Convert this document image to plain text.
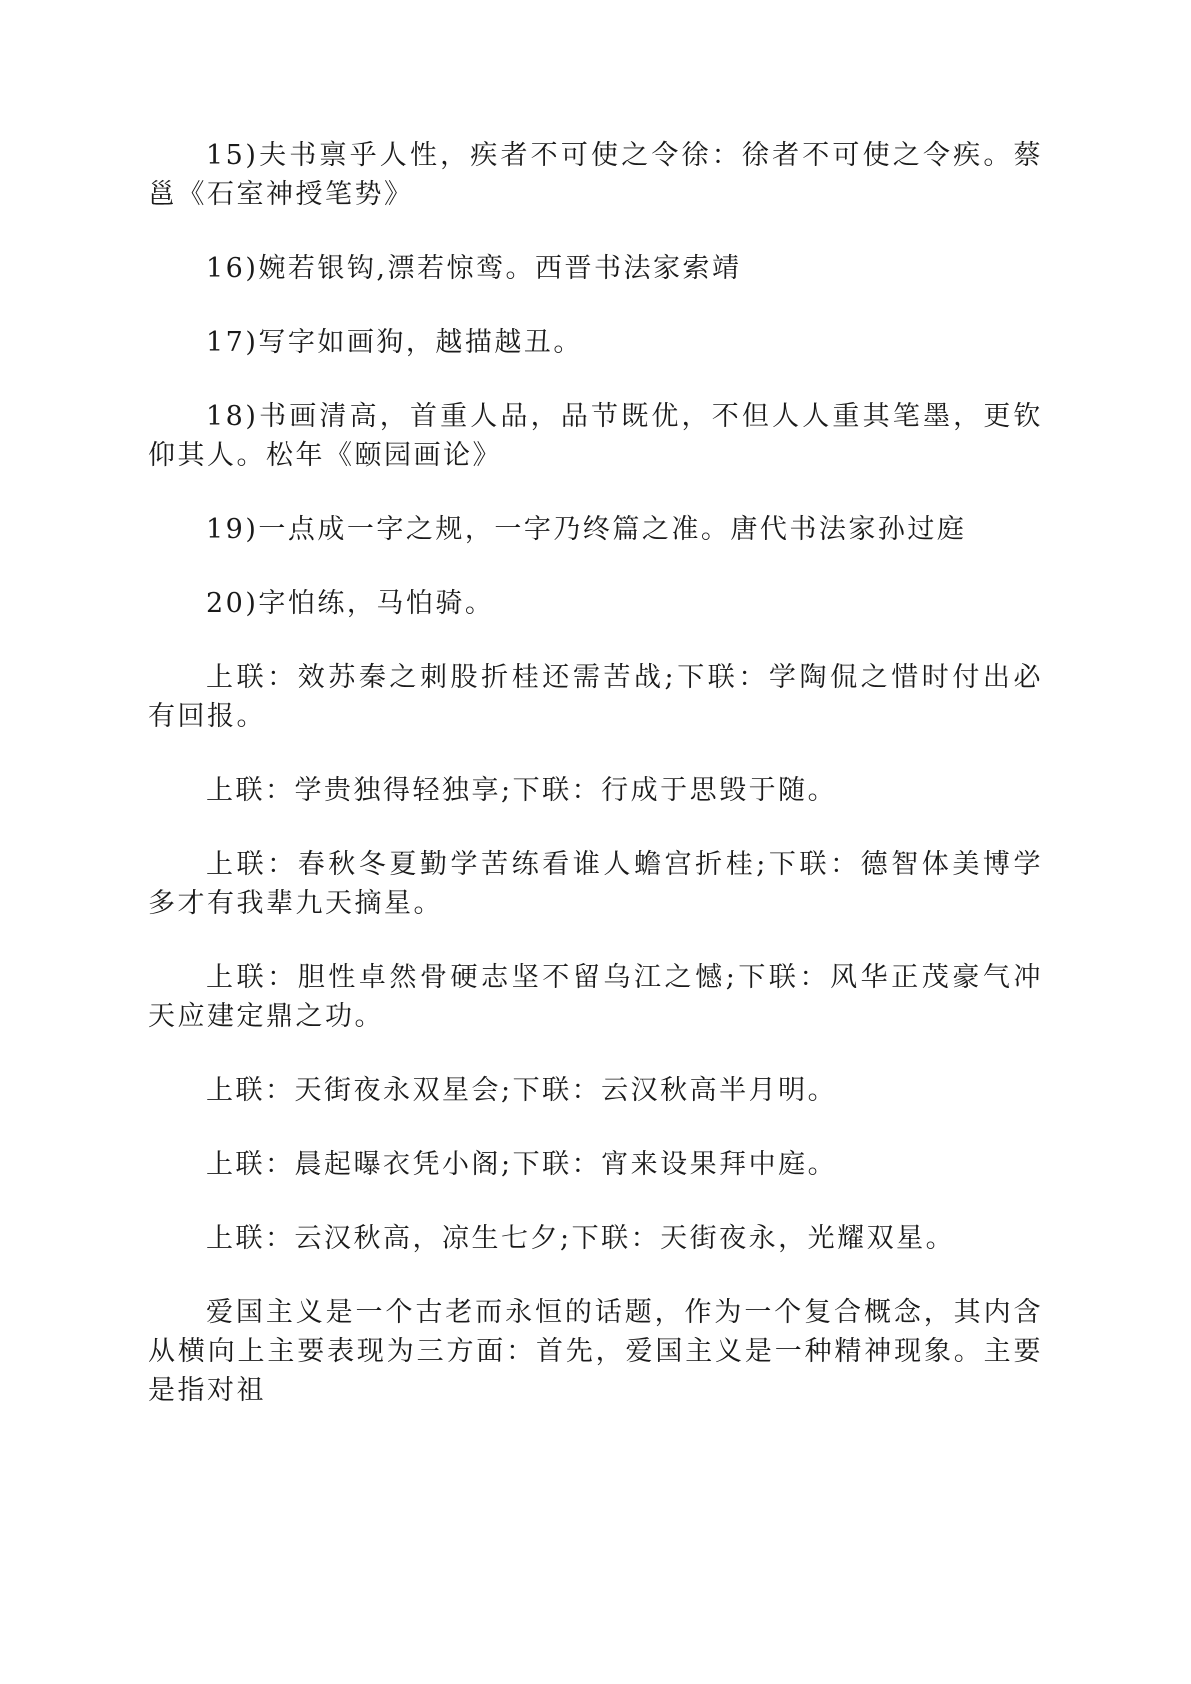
15)夫书禀乎人性，疾者不可使之令徐：徐者不可使之令疾。蔡邕《石室神授笔势》

16)婉若银钩,漂若惊鸾。西晋书法家索靖

17)写字如画狗，越描越丑。

18)书画清高，首重人品，品节既优，不但人人重其笔墨，更钦仰其人。松年《颐园画论》

19)一点成一字之规，一字乃终篇之准。唐代书法家孙过庭

20)字怕练，马怕骑。

上联：效苏秦之刺股折桂还需苦战;下联：学陶侃之惜时付出必有回报。

上联：学贵独得轻独享;下联：行成于思毁于随。

上联：春秋冬夏勤学苦练看谁人蟾宫折桂;下联：德智体美博学多才有我辈九天摘星。

上联：胆性卓然骨硬志坚不留乌江之憾;下联：风华正茂豪气冲天应建定鼎之功。

上联：天街夜永双星会;下联：云汉秋高半月明。

上联：晨起曝衣凭小阁;下联：宵来设果拜中庭。

上联：云汉秋高，凉生七夕;下联：天街夜永，光耀双星。

爱国主义是一个古老而永恒的话题，作为一个复合概念，其内含从横向上主要表现为三方面：首先，爱国主义是一种精神现象。主要是指对祖
